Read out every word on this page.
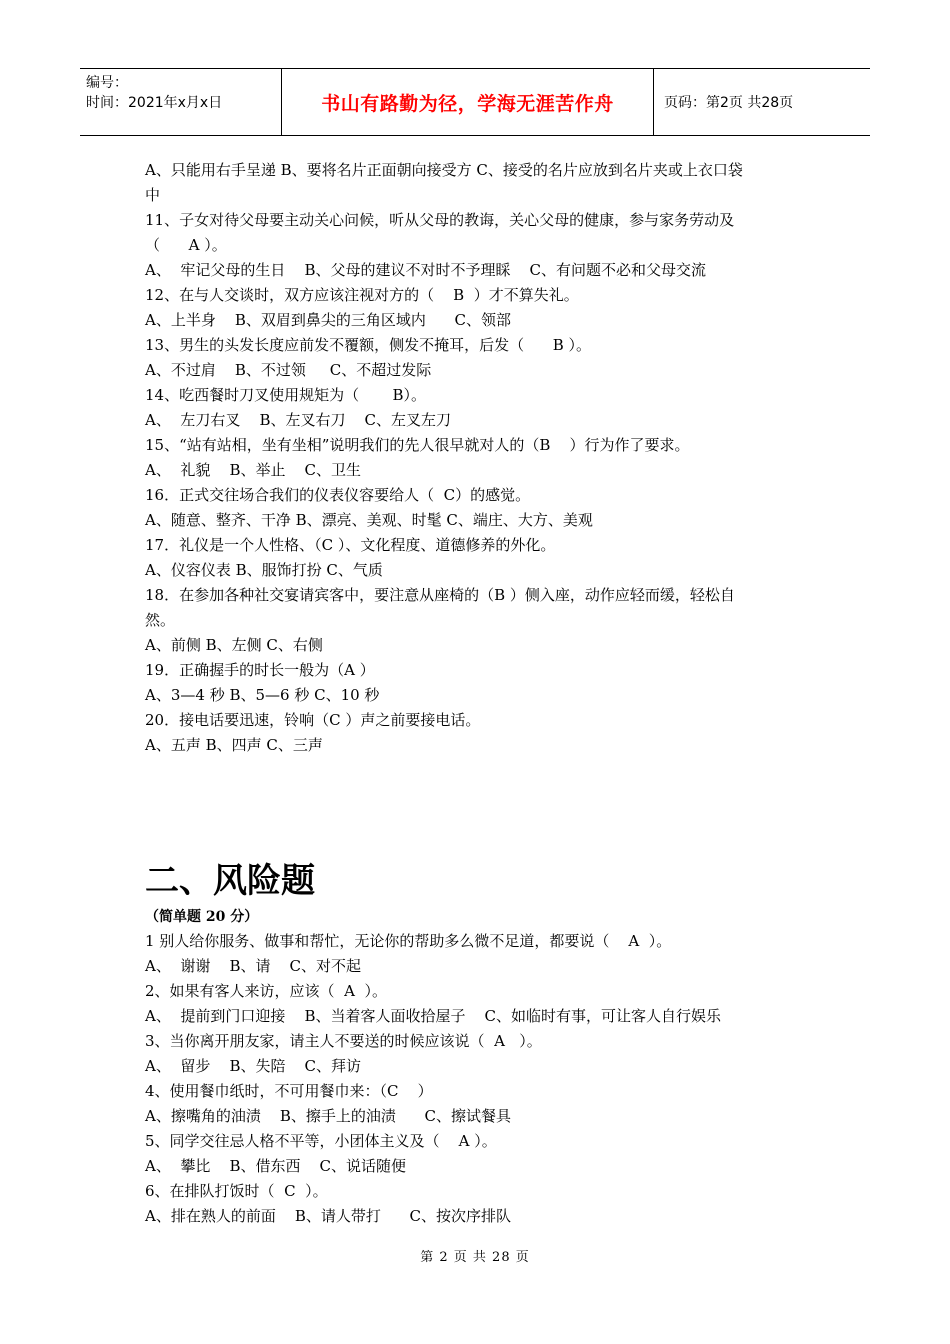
编号：
时间：2021年x月x日	书山有路勤为径，学海无涯苦作舟	页码：第2页 共28页

A、只能用右手呈递 B、要将名片正面朝向接受方 C、接受的名片应放到名片夹或上衣口袋

中

11、子女对待父母要主动关心问候，听从父母的教诲，关心父母的健康，参与家务劳动及

（      A ）。

A、  牢记父母的生日    B、父母的建议不对时不予理睬    C、有问题不必和父母交流

12、在与人交谈时，双方应该注视对方的（    B  ）才不算失礼。

A、上半身    B、双眉到鼻尖的三角区域内      C、领部

13、男生的头发长度应前发不覆额，侧发不掩耳，后发（      B ）。

A、不过肩    B、不过领     C、不超过发际

14、吃西餐时刀叉使用规矩为（       B）。

A、  左刀右叉    B、左叉右刀    C、左叉左刀

15、“站有站相，坐有坐相”说明我们的先人很早就对人的（B    ）行为作了要求。

A、  礼貌    B、举止    C、卫生

16．正式交往场合我们的仪表仪容要给人（  C）的感觉。

A、随意、整齐、干净 B、漂亮、美观、时髦 C、端庄、大方、美观

17．礼仪是一个人性格、（C ）、文化程度、道德修养的外化。

A、仪容仪表 B、服饰打扮 C、气质

18．在参加各种社交宴请宾客中，要注意从座椅的（B ）侧入座，动作应轻而缓，轻松自

然。

A、前侧 B、左侧 C、右侧

19．正确握手的时长一般为（A ）

A、3—4 秒 B、5—6 秒 C、10 秒

20．接电话要迅速，铃响（C ）声之前要接电话。

A、五声 B、四声 C、三声

二、风险题

（简单题 20 分）

1 别人给你服务、做事和帮忙，无论你的帮助多么微不足道，都要说（    A  ）。

A、  谢谢    B、请    C、对不起

2、如果有客人来访，应该（  A  ）。

A、  提前到门口迎接    B、当着客人面收拾屋子    C、如临时有事，可让客人自行娱乐

3、当你离开朋友家，请主人不要送的时候应该说（  A   ）。

A、  留步    B、失陪    C、拜访

4、使用餐巾纸时，不可用餐巾来：（C    ）

A、擦嘴角的油渍    B、擦手上的油渍      C、擦试餐具

5、同学交往忌人格不平等，小团体主义及（    A ）。

A、  攀比    B、借东西    C、说话随便

6、在排队打饭时（  C  ）。

A、排在熟人的前面    B、请人带打      C、按次序排队

第 2 页 共 28 页
